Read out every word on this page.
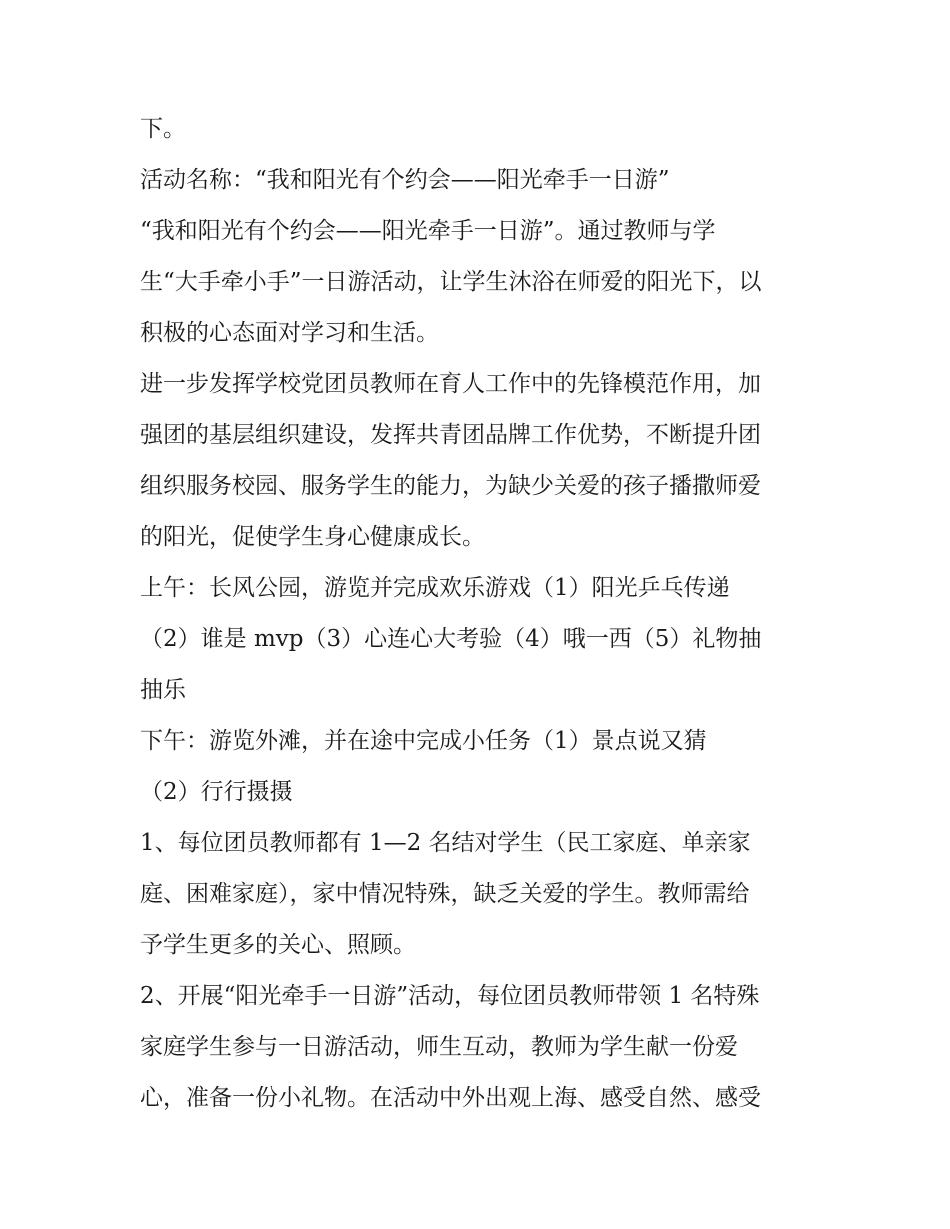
下。
活动名称：“我和阳光有个约会——阳光牵手一日游”
“我和阳光有个约会——阳光牵手一日游”。通过教师与学
生“大手牵小手”一日游活动，让学生沐浴在师爱的阳光下，以
积极的心态面对学习和生活。
进一步发挥学校党团员教师在育人工作中的先锋模范作用，加
强团的基层组织建设，发挥共青团品牌工作优势，不断提升团
组织服务校园、服务学生的能力，为缺少关爱的孩子播撒师爱
的阳光，促使学生身心健康成长。
上午：长风公园，游览并完成欢乐游戏（1）阳光乒乓传递
（2）谁是 mvp（3）心连心大考验（4）哦一西（5）礼物抽
抽乐
下午：游览外滩，并在途中完成小任务（1）景点说又猜
（2）行行摄摄
1、每位团员教师都有 1—2 名结对学生（民工家庭、单亲家
庭、困难家庭），家中情况特殊，缺乏关爱的学生。教师需给
予学生更多的关心、照顾。
2、开展“阳光牵手一日游”活动，每位团员教师带领 1 名特殊
家庭学生参与一日游活动，师生互动，教师为学生献一份爱
心，准备一份小礼物。在活动中外出观上海、感受自然、感受
